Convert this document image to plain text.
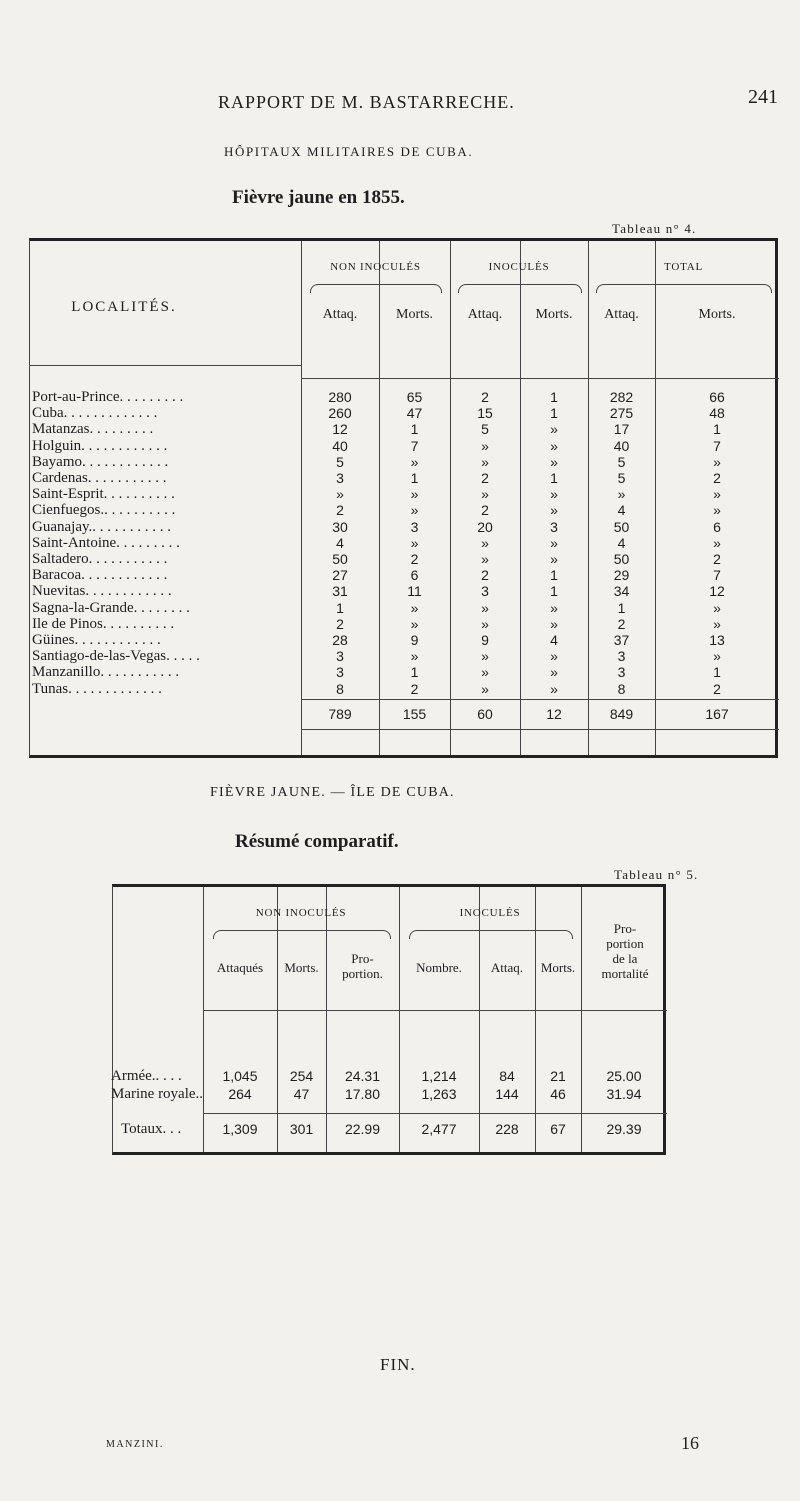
RAPPORT DE M. BASTARRECHE.	241
HÔPITAUX MILITAIRES DE CUBA.
Fièvre jaune en 1855.
Tableau n° 4.
LOCALITÉS.
NON INOCULÉS	INOCULÉS	TOTAL
Attaq.	Morts.	Attaq.	Morts.	Attaq.	Morts.
Port-au-Prince. . . . . . . . .	280	65	2	1	282	66
Cuba. . . . . . . . . . . . .	260	47	15	1	275	48
Matanzas. . . . . . . . .	12	1	5	»	17	1
Holguin. . . . . . . . . . . .	40	7	»	»	40	7
Bayamo. . . . . . . . . . . .	5	»	»	»	5	»
Cardenas. . . . . . . . . . .	3	1	2	1	5	2
Saint-Esprit. . . . . . . . . .	»	»	»	»	»	»
Cienfuegos.. . . . . . . . . .	2	»	2	»	4	»
Guanajay.. . . . . . . . . . .	30	3	20	3	50	6
Saint-Antoine. . . . . . . . .	4	»	»	»	4	»
Saltadero. . . . . . . . . . .	50	2	»	»	50	2
Baracoa. . . . . . . . . . . .	27	6	2	1	29	7
Nuevitas. . . . . . . . . . . .	31	11	3	1	34	12
Sagna-la-Grande. . . . . . . .	1	»	»	»	1	»
Ile de Pinos. . . . . . . . . .	2	»	»	»	2	»
Güines. . . . . . . . . . . .	28	9	9	4	37	13
Santiago-de-las-Vegas. . . . .	3	»	»	»	3	»
Manzanillo. . . . . . . . . . .	3	1	»	»	3	1
Tunas. . . . . . . . . . . . .	8	2	»	»	8	2
789	155	60	12	849	167
FIÈVRE JAUNE. — ÎLE DE CUBA.
Résumé comparatif.
Tableau n° 5.
NON INOCULÉS	INOCULÉS
Pro-
portion
de la
mortalité
Attaqués	Morts.
Pro-
portion.	Nombre.	Attaq.	Morts.
Armée.. . . .	1,045	254	24.31	1,214	84	21	25.00
Marine royale..	264	47	17.80	1,263	144	46	31.94
Totaux. . .	1,309	301	22.99	2,477	228	67	29.39
FIN.
MANZINI.	16
